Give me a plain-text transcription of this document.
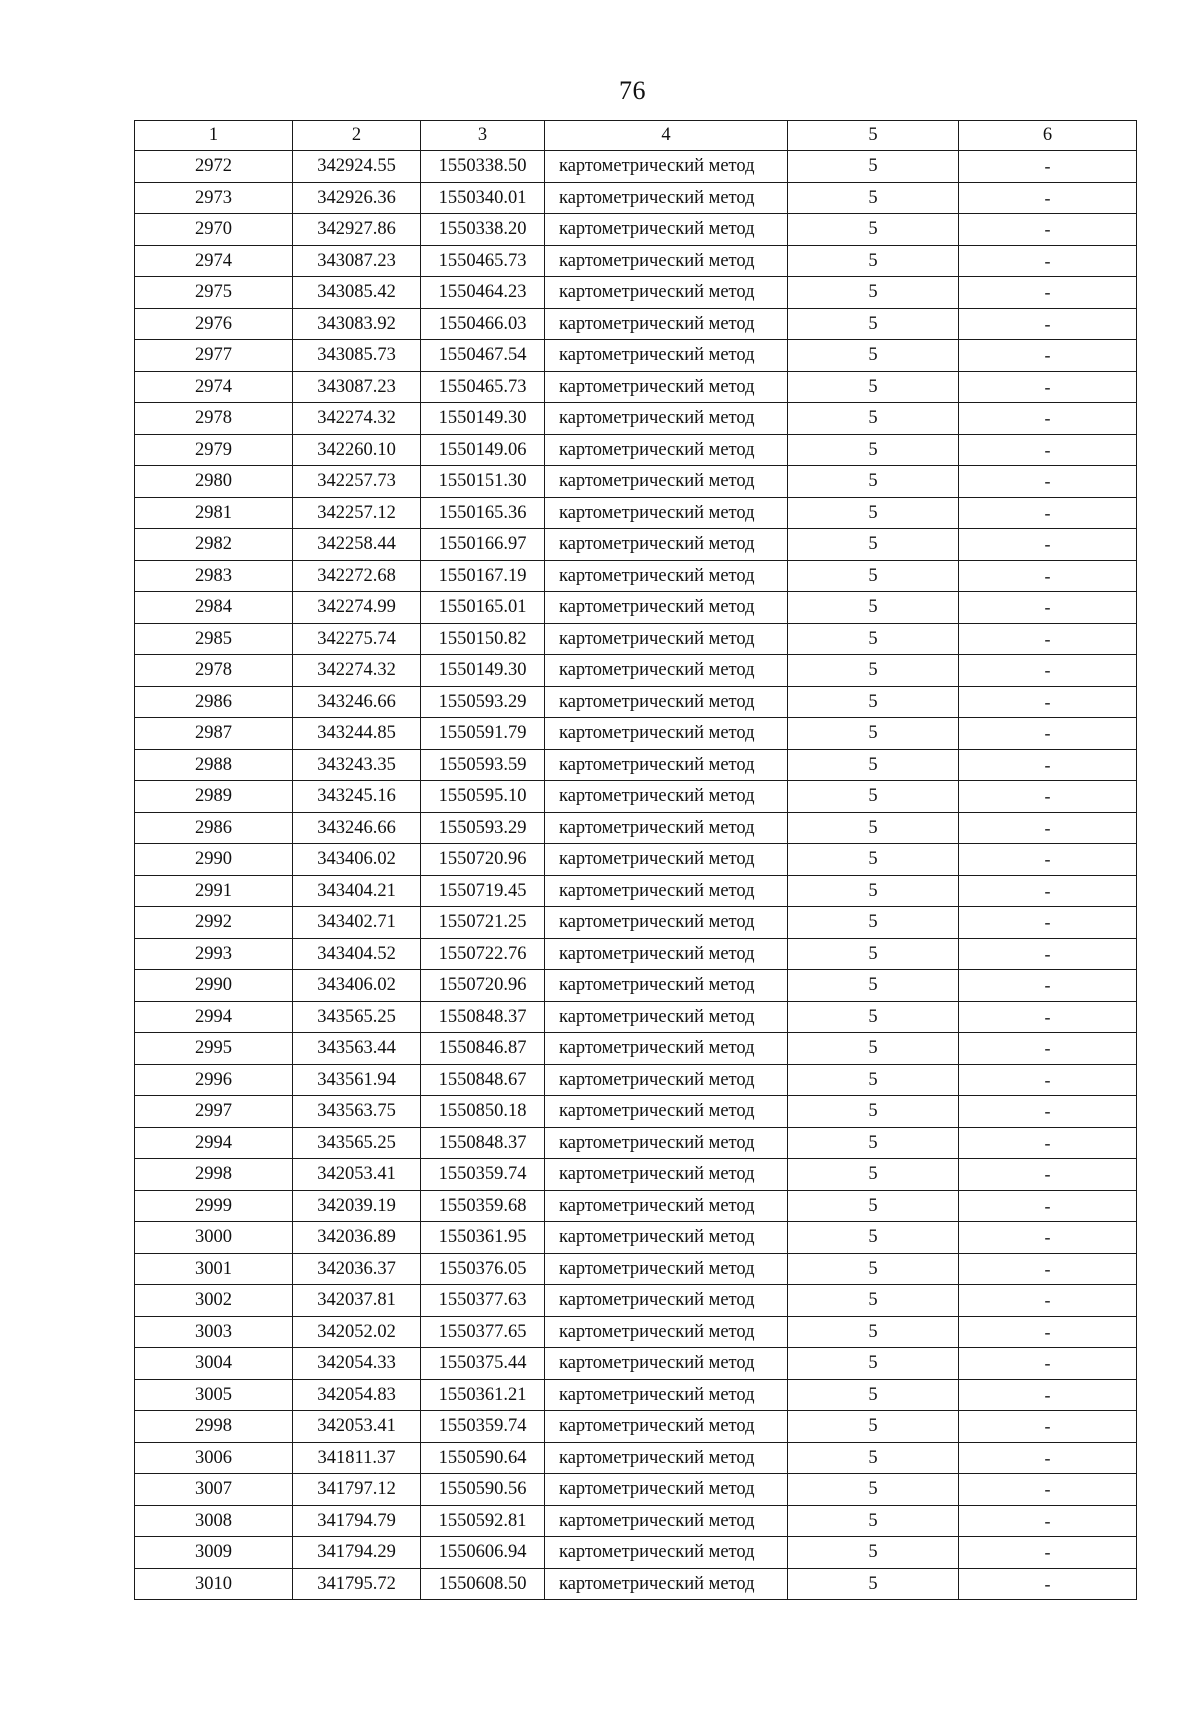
76
1	2	3	4	5	6
2972	342924.55	1550338.50	картометрический метод	5	-
2973	342926.36	1550340.01	картометрический метод	5	-
2970	342927.86	1550338.20	картометрический метод	5	-
2974	343087.23	1550465.73	картометрический метод	5	-
2975	343085.42	1550464.23	картометрический метод	5	-
2976	343083.92	1550466.03	картометрический метод	5	-
2977	343085.73	1550467.54	картометрический метод	5	-
2974	343087.23	1550465.73	картометрический метод	5	-
2978	342274.32	1550149.30	картометрический метод	5	-
2979	342260.10	1550149.06	картометрический метод	5	-
2980	342257.73	1550151.30	картометрический метод	5	-
2981	342257.12	1550165.36	картометрический метод	5	-
2982	342258.44	1550166.97	картометрический метод	5	-
2983	342272.68	1550167.19	картометрический метод	5	-
2984	342274.99	1550165.01	картометрический метод	5	-
2985	342275.74	1550150.82	картометрический метод	5	-
2978	342274.32	1550149.30	картометрический метод	5	-
2986	343246.66	1550593.29	картометрический метод	5	-
2987	343244.85	1550591.79	картометрический метод	5	-
2988	343243.35	1550593.59	картометрический метод	5	-
2989	343245.16	1550595.10	картометрический метод	5	-
2986	343246.66	1550593.29	картометрический метод	5	-
2990	343406.02	1550720.96	картометрический метод	5	-
2991	343404.21	1550719.45	картометрический метод	5	-
2992	343402.71	1550721.25	картометрический метод	5	-
2993	343404.52	1550722.76	картометрический метод	5	-
2990	343406.02	1550720.96	картометрический метод	5	-
2994	343565.25	1550848.37	картометрический метод	5	-
2995	343563.44	1550846.87	картометрический метод	5	-
2996	343561.94	1550848.67	картометрический метод	5	-
2997	343563.75	1550850.18	картометрический метод	5	-
2994	343565.25	1550848.37	картометрический метод	5	-
2998	342053.41	1550359.74	картометрический метод	5	-
2999	342039.19	1550359.68	картометрический метод	5	-
3000	342036.89	1550361.95	картометрический метод	5	-
3001	342036.37	1550376.05	картометрический метод	5	-
3002	342037.81	1550377.63	картометрический метод	5	-
3003	342052.02	1550377.65	картометрический метод	5	-
3004	342054.33	1550375.44	картометрический метод	5	-
3005	342054.83	1550361.21	картометрический метод	5	-
2998	342053.41	1550359.74	картометрический метод	5	-
3006	341811.37	1550590.64	картометрический метод	5	-
3007	341797.12	1550590.56	картометрический метод	5	-
3008	341794.79	1550592.81	картометрический метод	5	-
3009	341794.29	1550606.94	картометрический метод	5	-
3010	341795.72	1550608.50	картометрический метод	5	-
